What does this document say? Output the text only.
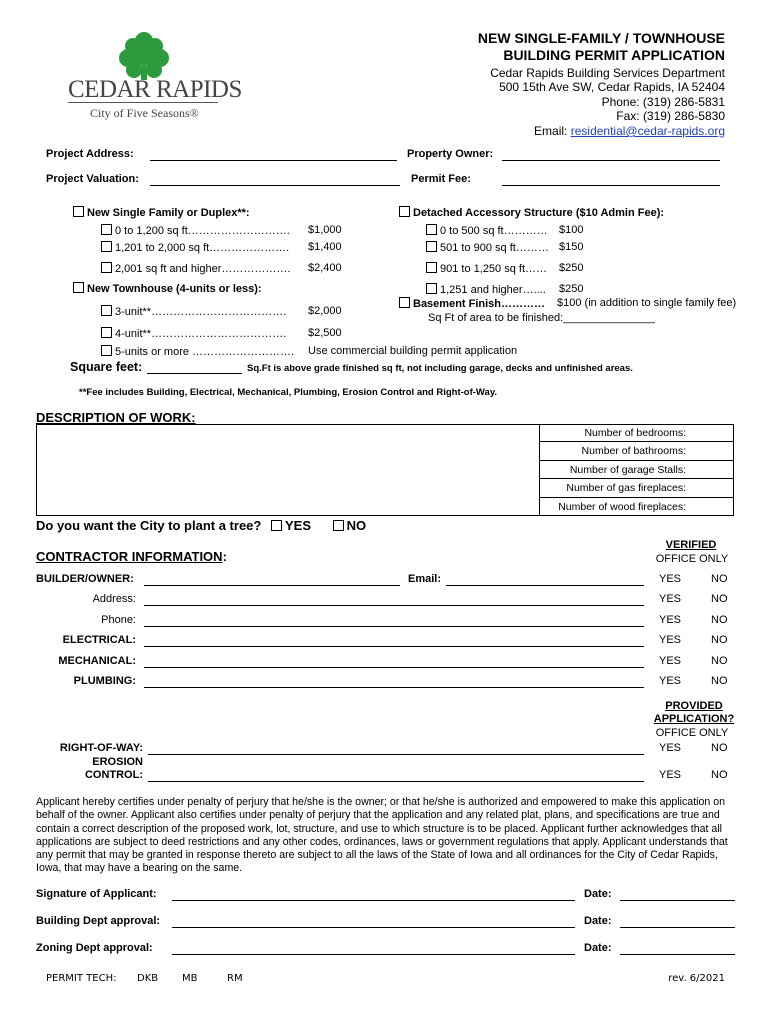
CEDAR RAPIDS
City of Five Seasons®
NEW SINGLE-FAMILY / TOWNHOUSE
BUILDING PERMIT APPLICATION
Cedar Rapids Building Services Department
500 15th Ave SW, Cedar Rapids, IA 52404
Phone: (319) 286-5831
Fax: (319) 286-5830
Email: residential@cedar-rapids.org
Project Address:	Property Owner:
Project Valuation:	Permit Fee:
New Single Family or Duplex**:
0 to 1,200 sq ft………………………. $1,000
1,201 to 2,000 sq ft…………………. $1,400
2,001 sq ft and higher………………. $2,400
New Townhouse (4-units or less):
3-unit**………………………………. $2,000
4-unit**………………………………. $2,500
5-units or more ………………………. Use commercial building permit application
Detached Accessory Structure ($10 Admin Fee):
0 to 500 sq ft………… $100
501 to 900 sq ft……… $150
901 to 1,250 sq ft…… $250
1,251 and higher….... $250
Basement Finish………… $100 (in addition to single family fee)
Sq Ft of area to be finished:_______________
Square feet:	Sq.Ft is above grade finished sq ft, not including garage, decks and unfinished areas.
**Fee includes Building, Electrical, Mechanical, Plumbing, Erosion Control and Right-of-Way.
DESCRIPTION OF WORK:
Number of bedrooms:
Number of bathrooms:
Number of garage Stalls:
Number of gas fireplaces:
Number of wood fireplaces:
Do you want the City to plant a tree? YES	NO
CONTRACTOR INFORMATION:
VERIFIED
OFFICE ONLY
BUILDER/OWNER:	Email:	YES	NO
Address:	YES	NO
Phone:	YES	NO
ELECTRICAL:	YES	NO
MECHANICAL:	YES	NO
PLUMBING:	YES	NO
PROVIDED
APPLICATION?
OFFICE ONLY
RIGHT-OF-WAY:	YES	NO
EROSION
CONTROL:	YES	NO
Applicant hereby certifies under penalty of perjury that he/she is the owner; or that he/she is authorized and empowered to make this application on behalf of the owner. Applicant also certifies under penalty of perjury that the application and any related plat, plans, and specifications are true and contain a correct description of the proposed work, lot, structure, and use to which structure is to be placed. Applicant further acknowledges that all applications are subject to deed restrictions and any other codes, ordinances, laws or government regulations that apply. Applicant understands that any permit that may be granted in response thereto are subject to all the laws of the State of Iowa and all ordinances for the City of Cedar Rapids, Iowa, that may have a bearing on the same.
Signature of Applicant:	Date:
Building Dept approval:	Date:
Zoning Dept approval:	Date:
PERMIT TECH: DKB MB	RM	rev. 6/2021
